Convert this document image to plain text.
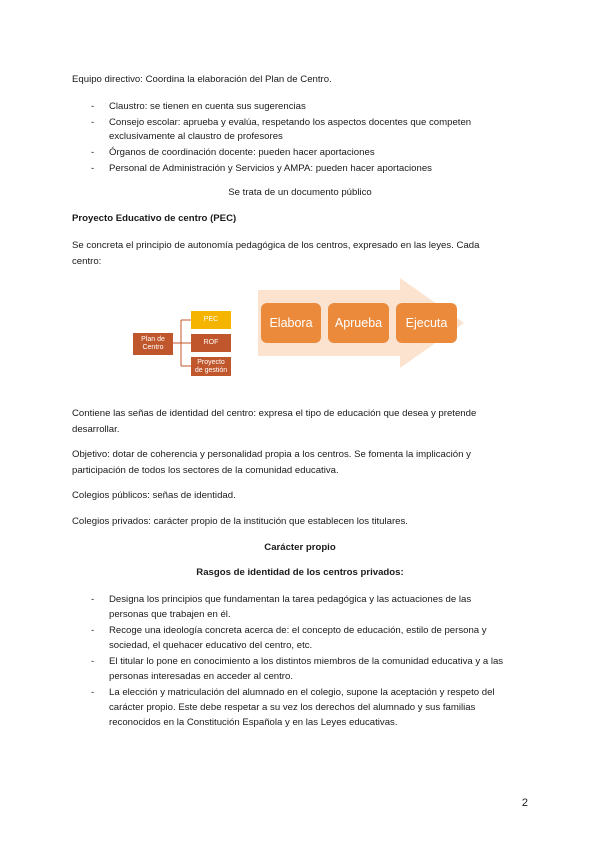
Equipo directivo: Coordina la elaboración del Plan de Centro.
- Claustro: se tienen en cuenta sus sugerencias
- Consejo escolar: aprueba y evalúa, respetando los aspectos docentes que competen
exclusivamente al claustro de profesores
- Órganos de coordinación docente: pueden hacer aportaciones
- Personal de Administración y Servicios y AMPA: pueden hacer aportaciones
Se trata de un documento público
Proyecto Educativo de centro (PEC)
Se concreta el principio de autonomía pedagógica de los centros, expresado en las leyes. Cada
centro:
Plan de
Centro
PEC
ROF
Proyecto
de gestión
Elabora Aprueba Ejecuta
Contiene las señas de identidad del centro: expresa el tipo de educación que desea y pretende
desarrollar.
Objetivo: dotar de coherencia y personalidad propia a los centros. Se fomenta la implicación y
participación de todos los sectores de la comunidad educativa.
Colegios públicos: señas de identidad.
Colegios privados: carácter propio de la institución que establecen los titulares.
Carácter propio
Rasgos de identidad de los centros privados:
- Designa los principios que fundamentan la tarea pedagógica y las actuaciones de las
personas que trabajen en él.
- Recoge una ideología concreta acerca de: el concepto de educación, estilo de persona y
sociedad, el quehacer educativo del centro, etc.
- El titular lo pone en conocimiento a los distintos miembros de la comunidad educativa y a las
personas interesadas en acceder al centro.
- La elección y matriculación del alumnado en el colegio, supone la aceptación y respeto del
carácter propio. Este debe respetar a su vez los derechos del alumnado y sus familias
reconocidos en la Constitución Española y en las Leyes educativas.
2
